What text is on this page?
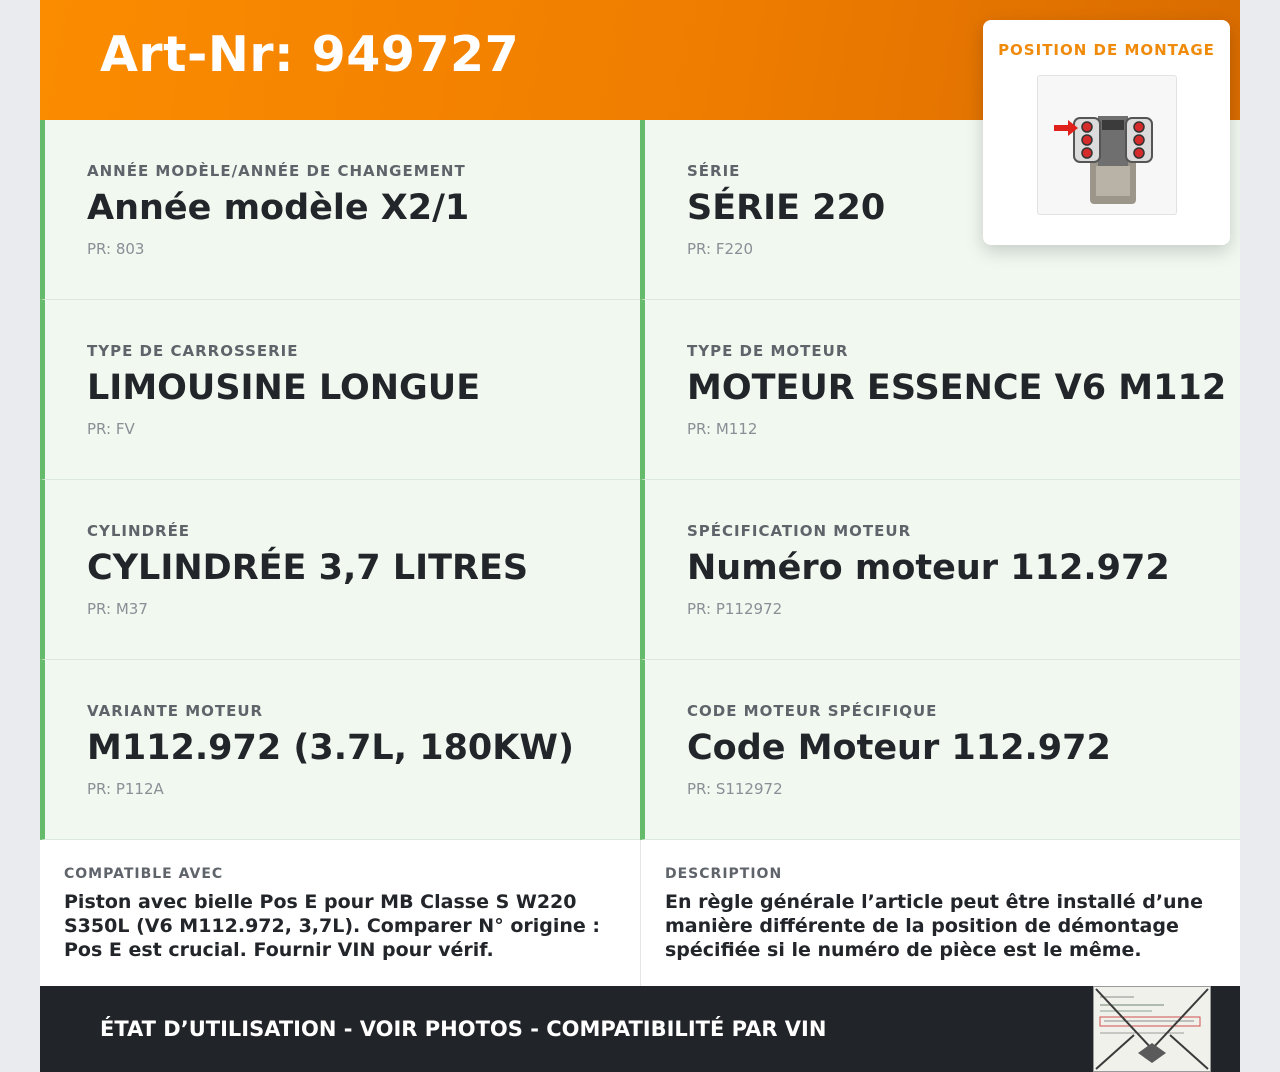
Art-Nr: 949727
ANNÉE MODÈLE/ANNÉE DE CHANGEMENT
Année modèle X2/1
PR: 803
SÉRIE
SÉRIE 220
PR: F220
TYPE DE CARROSSERIE
LIMOUSINE LONGUE
PR: FV
TYPE DE MOTEUR
MOTEUR ESSENCE V6 M112
PR: M112
CYLINDRÉE
CYLINDRÉE 3,7 LITRES
PR: M37
SPÉCIFICATION MOTEUR
Numéro moteur 112.972
PR: P112972
VARIANTE MOTEUR
M112.972 (3.7L, 180KW)
PR: P112A
CODE MOTEUR SPÉCIFIQUE
Code Moteur 112.972
PR: S112972
POSITION DE MONTAGE
COMPATIBLE AVEC
Piston avec bielle Pos E pour MB Classe S W220 S350L (V6 M112.972, 3,7L). Comparer N° origine : Pos E est crucial. Fournir VIN pour vérif.
DESCRIPTION
En règle générale l’article peut être installé d’une manière différente de la position de démontage spécifiée si le numéro de pièce est le même.
ÉTAT D’UTILISATION - VOIR PHOTOS - COMPATIBILITÉ PAR VIN
